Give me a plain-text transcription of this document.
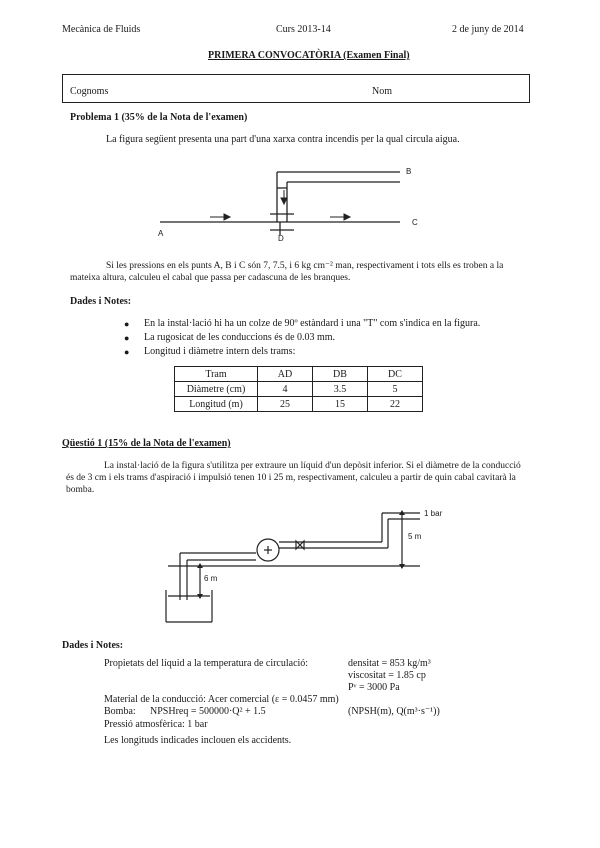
Mecànica de Fluids	Curs 2013-14	2 de juny de 2014
PRIMERA CONVOCATÒRIA (Examen Final)
Cognoms	Nom
Problema 1 (35% de la Nota de l'examen)
La figura següent presenta una part d'una xarxa contra incendis per la qual circula aigua.
A
B
C
D
Si les pressions en els punts A, B i C són 7, 7.5, i 6 kg cm⁻² man, respectivament i tots ells es troben a la
mateixa altura, calculeu el cabal que passa per cadascuna de les branques.
Dades i Notes:
● En la instal·lació hi ha un colze de 90º estàndard i una "T" com s'indica en la figura.
● La rugosicat de les conduccions és de 0.03 mm.
● Longitud i diàmetre intern dels trams:
Tram	AD	DB	DC
Diàmetre (cm)	4	3.5	5
Longitud (m)	25	15	22
Qüestió 1 (15% de la Nota de l'examen)
La instal·lació de la figura s'utilitza per extraure un líquid d'un depòsit inferior. Si el diàmetre de la conducció
és de 3 cm i els trams d'aspiració i impulsió tenen 10 i 25 m, respectivament, calculeu a partir de quin cabal cavitarà la
bomba.
1 bar
5 m
6 m
Dades i Notes:
Propietats del líquid a la temperatura de circulació:	densitat = 853 kg/m³
viscositat = 1.85 cp
Pᵛ = 3000 Pa
Material de la conducció: Acer comercial (ε = 0.0457 mm)
Bomba: NPSHreq = 500000·Q² + 1.5	(NPSH(m), Q(m³·s⁻¹))
Pressió atmosfèrica: 1 bar
Les longituds indicades inclouen els accidents.
